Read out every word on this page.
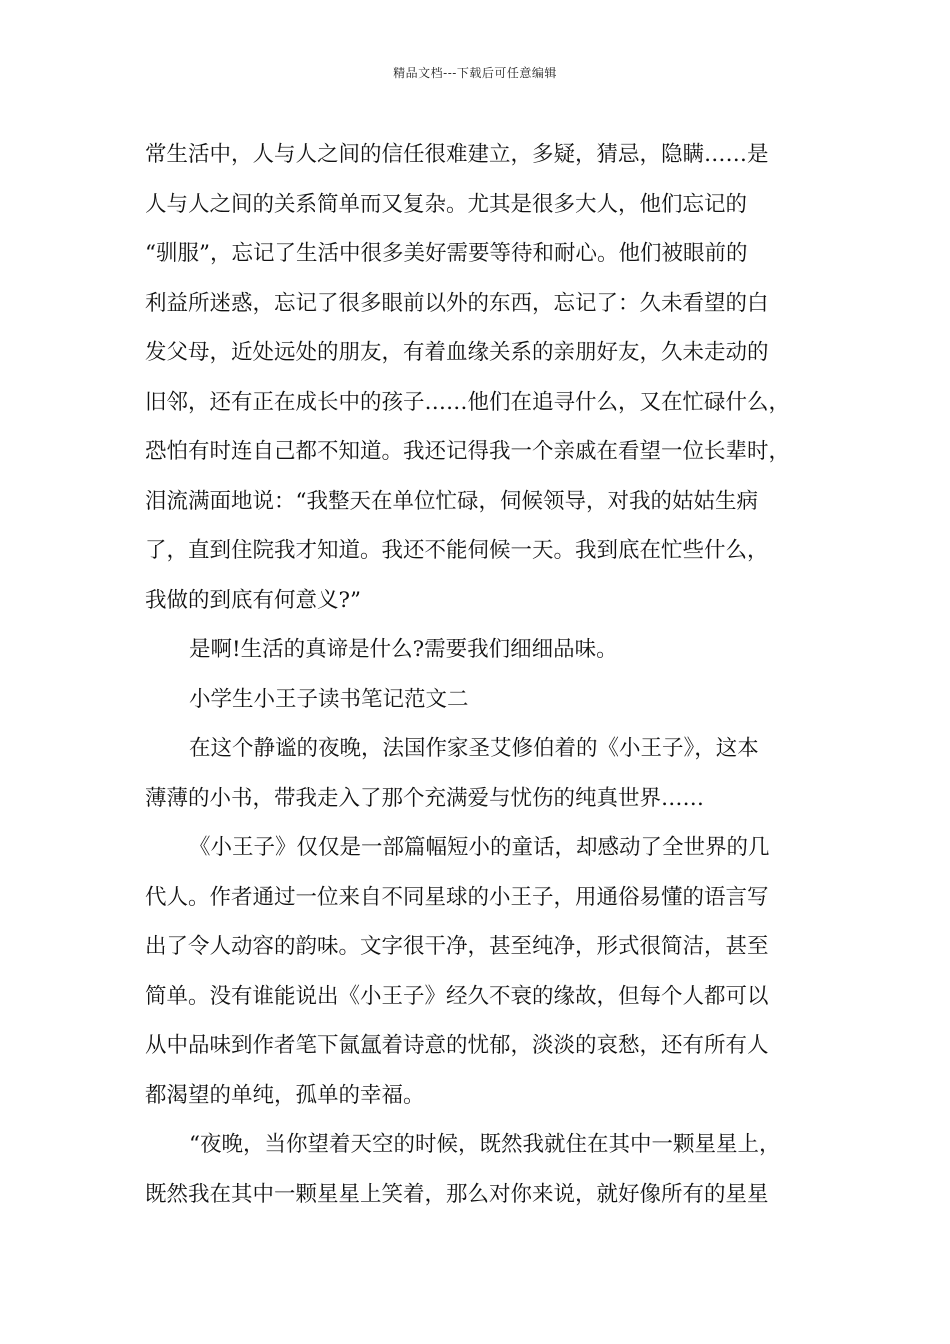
精品文档---下载后可任意编辑
常生活中，人与人之间的信任很难建立，多疑，猜忌，隐瞒……是
人与人之间的关系简单而又复杂。尤其是很多大人，他们忘记的
“驯服”，忘记了生活中很多美好需要等待和耐心。他们被眼前的
利益所迷惑，忘记了很多眼前以外的东西，忘记了：久未看望的白
发父母，近处远处的朋友，有着血缘关系的亲朋好友，久未走动的
旧邻，还有正在成长中的孩子……他们在追寻什么，又在忙碌什么，
恐怕有时连自己都不知道。我还记得我一个亲戚在看望一位长辈时，
泪流满面地说：“我整天在单位忙碌，伺候领导，对我的姑姑生病
了，直到住院我才知道。我还不能伺候一天。我到底在忙些什么，
我做的到底有何意义?”
是啊!生活的真谛是什么?需要我们细细品味。
小学生小王子读书笔记范文二
在这个静谧的夜晚，法国作家圣艾修伯着的《小王子》，这本
薄薄的小书，带我走入了那个充满爱与忧伤的纯真世界……
《小王子》仅仅是一部篇幅短小的童话，却感动了全世界的几
代人。作者通过一位来自不同星球的小王子，用通俗易懂的语言写
出了令人动容的韵味。文字很干净，甚至纯净，形式很简洁，甚至
简单。没有谁能说出《小王子》经久不衰的缘故，但每个人都可以
从中品味到作者笔下氤氲着诗意的忧郁，淡淡的哀愁，还有所有人
都渴望的单纯，孤单的幸福。
“夜晚，当你望着天空的时候，既然我就住在其中一颗星星上，
既然我在其中一颗星星上笑着，那么对你来说，就好像所有的星星
